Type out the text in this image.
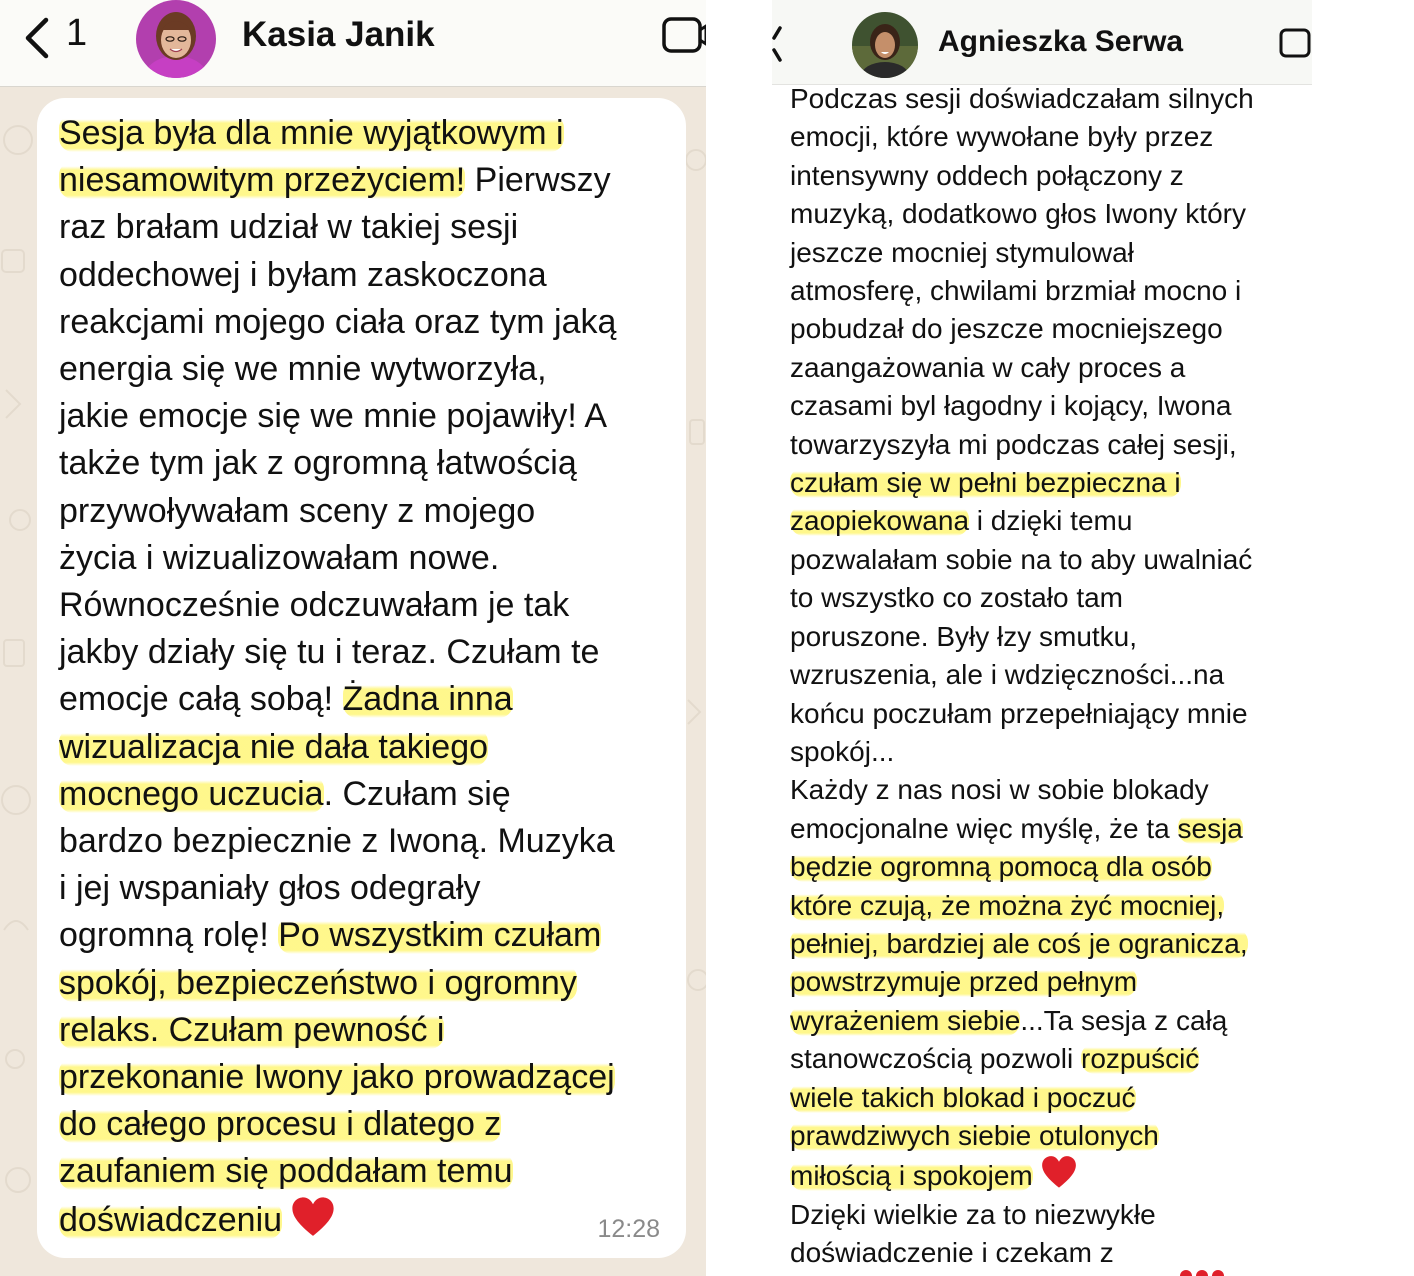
1	Kasia Janik
Sesja była dla mnie wyjątkowym i
niesamowitym przeżyciem! Pierwszy
raz brałam udział w takiej sesji
oddechowej i byłam zaskoczona
reakcjami mojego ciała oraz tym jaką
energia się we mnie wytworzyła,
jakie emocje się we mnie pojawiły! A
także tym jak z ogromną łatwością
przywoływałam sceny z mojego
życia i wizualizowałam nowe.
Równocześnie odczuwałam je tak
jakby działy się tu i teraz. Czułam te
emocje całą sobą! Żadna inna
wizualizacja nie dała takiego
mocnego uczucia. Czułam się
bardzo bezpiecznie z Iwoną. Muzyka
i jej wspaniały głos odegrały
ogromną rolę! Po wszystkim czułam
spokój, bezpieczeństwo i ogromny
relaks. Czułam pewność i
przekonanie Iwony jako prowadzącej
do całego procesu i dlatego z
zaufaniem się poddałam temu
doświadczeniu	12:28
Agnieszka Serwa
Podczas sesji doświadczałam silnych
emocji, które wywołane były przez
intensywny oddech połączony z
muzyką, dodatkowo głos Iwony który
jeszcze mocniej stymulował
atmosferę, chwilami brzmiał mocno i
pobudzał do jeszcze mocniejszego
zaangażowania w cały proces a
czasami byl łagodny i kojący, Iwona
towarzyszyła mi podczas całej sesji,
czułam się w pełni bezpieczna i
zaopiekowana i dzięki temu
pozwalałam sobie na to aby uwalniać
to wszystko co zostało tam
poruszone. Były łzy smutku,
wzruszenia, ale i wdzięczności...na
końcu poczułam przepełniający mnie
spokój...
Każdy z nas nosi w sobie blokady
emocjonalne więc myślę, że ta sesja
będzie ogromną pomocą dla osób
które czują, że można żyć mocniej,
pełniej, bardziej ale coś je ogranicza,
powstrzymuje przed pełnym
wyrażeniem siebie...Ta sesja z całą
stanowczością pozwoli rozpuścić
wiele takich blokad i poczuć
prawdziwych siebie otulonych
miłością i spokojem
Dzięki wielkie za to niezwykłe
doświadczenie i czekam z
